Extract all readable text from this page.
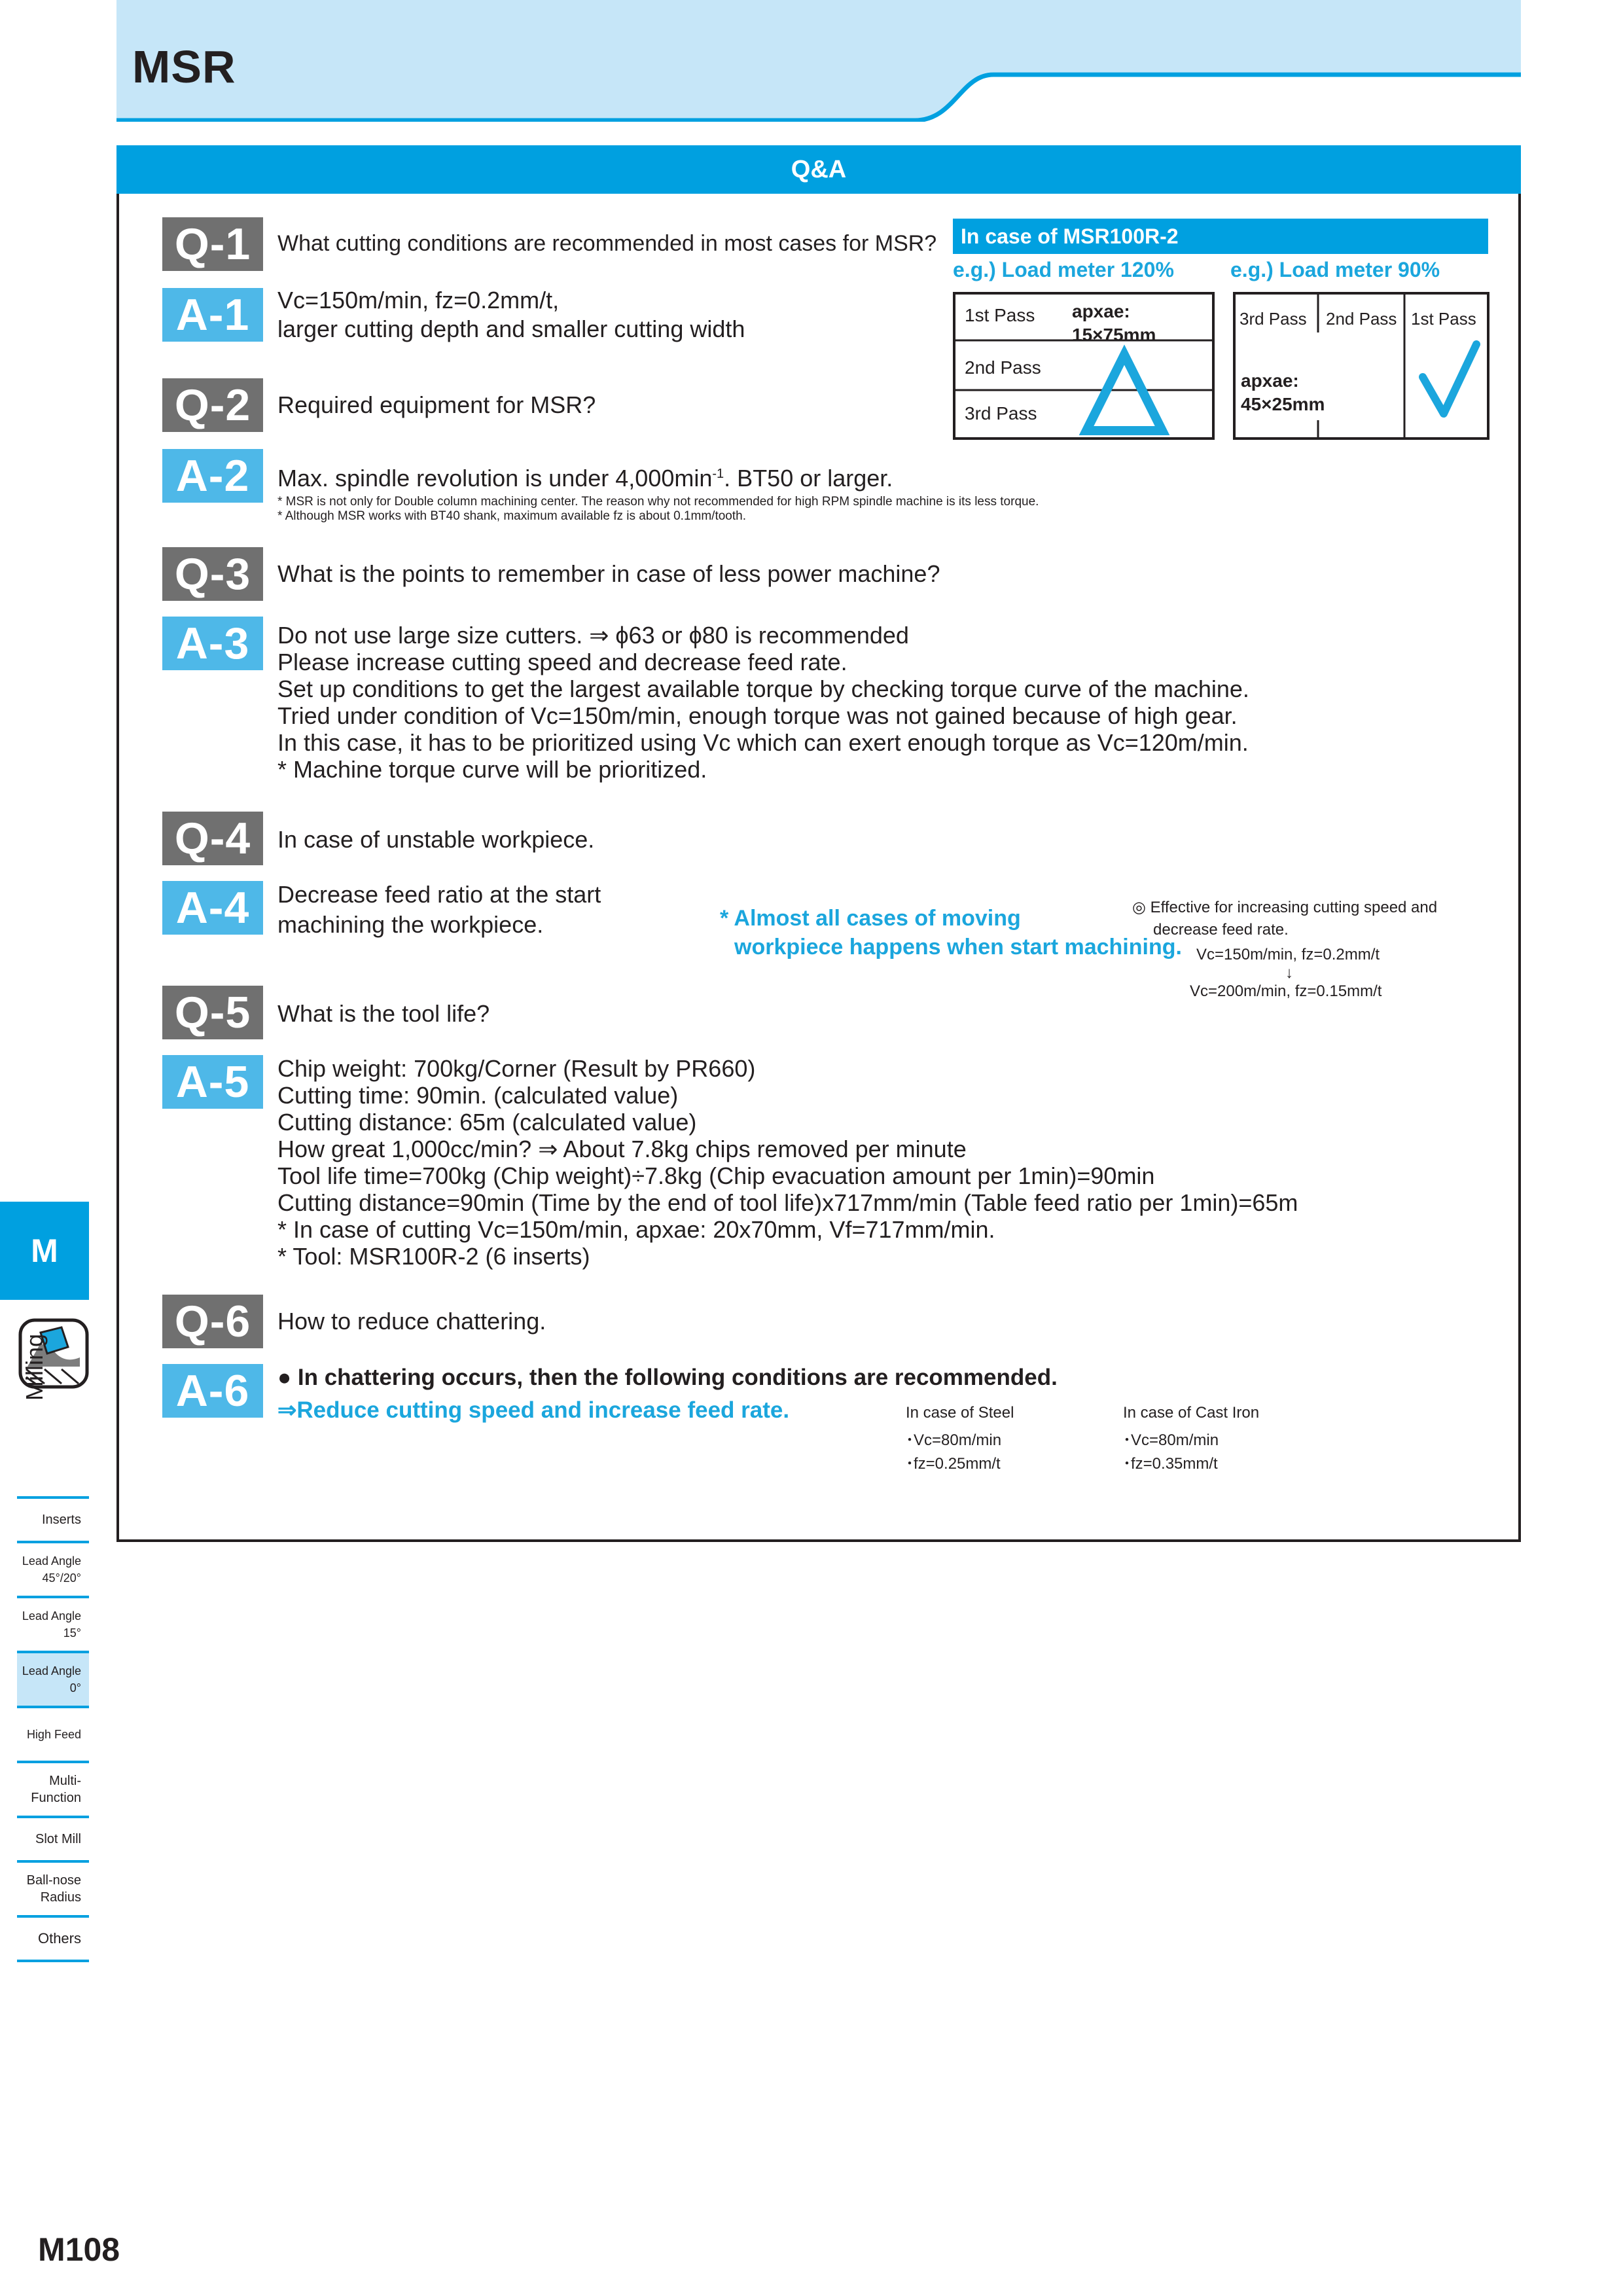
MSR
Q&A
Q-1	What cutting conditions are recommended in most cases for MSR?
A-1	Vc=150m/min, fz=0.2mm/t,
larger cutting depth and smaller cutting width
Q-2	Required equipment for MSR?
A-2	Max. spindle revolution is under $4,000\min^{-1}$. BT50 or larger.
* MSR is not only for Double column machining center. The reason why not recommended for high RPM spindle machine is its less torque.
* Although MSR works with BT40 shank, maximum available fz is about 0.1mm/tooth.
Q-3	What is the points to remember in case of less power machine?
A-3	Do not use large size cutters. ⇒ ϕ63 or ϕ80 is recommended
Please increase cutting speed and decrease feed rate.
Set up conditions to get the largest available torque by checking torque curve of the machine.
Tried under condition of Vc=150m/min, enough torque was not gained because of high gear.
In this case, it has to be prioritized using Vc which can exert enough torque as Vc=120m/min.
* Machine torque curve will be prioritized.
Q-4	In case of unstable workpiece.
A-4	Decrease feed ratio at the start
machining the workpiece.	* Almost all cases of moving
workpiece happens when start machining.
◎ Effective for increasing cutting speed and
decrease feed rate.
Vc=150m/min, fz=0.2mm/t
↓
Vc=200m/min, fz=0.15mm/t
Q-5	What is the tool life?
A-5	Chip weight: 700kg/Corner (Result by PR660)
Cutting time: 90min. (calculated value)
Cutting distance: 65m (calculated value)
How great 1,000cc/min? ⇒ About 7.8kg chips removed per minute
Tool life time=700kg (Chip weight)÷7.8kg (Chip evacuation amount per 1min)=90min
Cutting distance=90min (Time by the end of tool life)x717mm/min (Table feed ratio per 1min)=65m
* In case of cutting Vc=150m/min, apxae: 20x70mm, Vf=717mm/min.
* Tool: MSR100R-2 (6 inserts)
Q-6	How to reduce chattering.
A-6	● In chattering occurs, then the following conditions are recommended.
⇒Reduce cutting speed and increase feed rate.	In case of Steel
･Vc=80m/min
･fz=0.25mm/t
In case of Cast Iron
･Vc=80m/min
･fz=0.35mm/t
In case of MSR100R-2
e.g.) Load meter 120%	e.g.) Load meter 90%
1st Pass
2nd Pass
3rd Pass
apxae:
15×75mm
3rd Pass 2nd Pass 1st Pass
apxae:
45×25mm
M
Milling
Inserts
Lead Angle
45°/20°
Lead Angle
15°
Lead Angle
0°
High Feed
Multi-
Function
Slot Mill
Ball-nose
Radius
Others
M108
